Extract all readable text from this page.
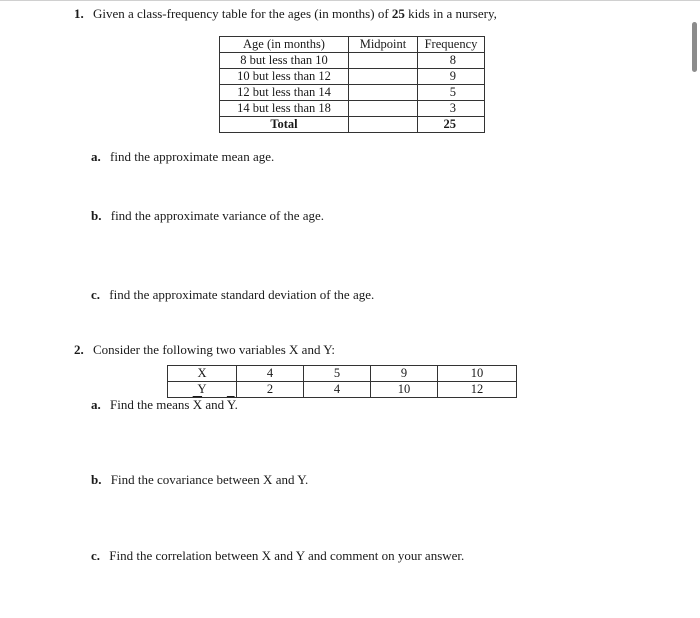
1. Given a class-frequency table for the ages (in months) of 25 kids in a nursery,
Age (in months)	Midpoint	Frequency
8 but less than 10		8
10 but less than 12		9
12 but less than 14		5
14 but less than 18		3
Total		25
a. find the approximate mean age.
b. find the approximate variance of the age.
c. find the approximate standard deviation of the age.
2. Consider the following two variables X and Y:
X	4	5	9	10
Y	2	4	10	12
a. Find the means $\overline{X}$ and $\overline{Y}$.
b. Find the covariance between X and Y.
c. Find the correlation between X and Y and comment on your answer.
